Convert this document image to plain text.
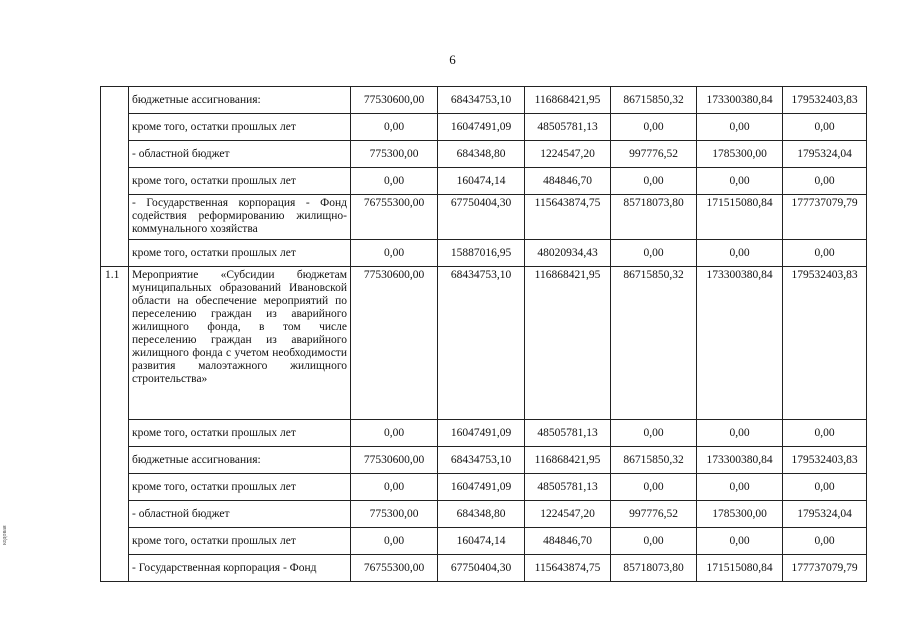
6
кодовая
	бюджетные ассигнования:	77530600,00	68434753,10	116868421,95	86715850,32	173300380,84	179532403,83
	кроме того, остатки прошлых лет	0,00	16047491,09	48505781,13	0,00	0,00	0,00
	- областной бюджет	775300,00	684348,80	1224547,20	997776,52	1785300,00	1795324,04
	кроме того, остатки прошлых лет	0,00	160474,14	484846,70	0,00	0,00	0,00
	- Государственная корпорация - Фонд содействия реформированию жилищно-коммунального хозяйства	76755300,00	67750404,30	115643874,75	85718073,80	171515080,84	177737079,79
	кроме того, остатки прошлых лет	0,00	15887016,95	48020934,43	0,00	0,00	0,00
1.1	Мероприятие «Субсидии бюджетам муниципальных образований Ивановской области на обеспечение мероприятий по переселению граждан из аварийного жилищного фонда, в том числе переселению граждан из аварийного жилищного фонда с учетом необходимости развития малоэтажного жилищного строительства»	77530600,00	68434753,10	116868421,95	86715850,32	173300380,84	179532403,83
	кроме того, остатки прошлых лет	0,00	16047491,09	48505781,13	0,00	0,00	0,00
	бюджетные ассигнования:	77530600,00	68434753,10	116868421,95	86715850,32	173300380,84	179532403,83
	кроме того, остатки прошлых лет	0,00	16047491,09	48505781,13	0,00	0,00	0,00
	- областной бюджет	775300,00	684348,80	1224547,20	997776,52	1785300,00	1795324,04
	кроме того, остатки прошлых лет	0,00	160474,14	484846,70	0,00	0,00	0,00
	- Государственная корпорация - Фонд	76755300,00	67750404,30	115643874,75	85718073,80	171515080,84	177737079,79
